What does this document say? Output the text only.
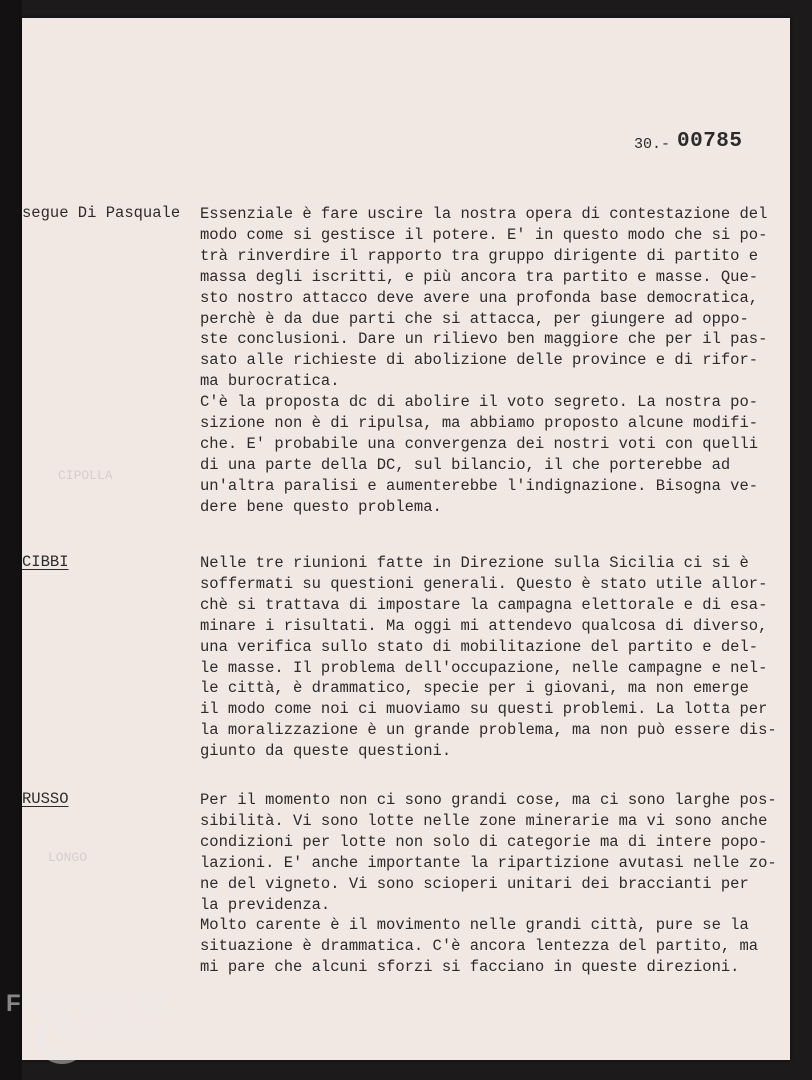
30.- 00785
CIPOLLA
LONGO
segue Di Pasquale Essenziale è fare uscire la nostra opera di contestazione del
modo come si gestisce il potere. E' in questo modo che si po-
trà rinverdire il rapporto tra gruppo dirigente di partito e
massa degli iscritti, e più ancora tra partito e masse. Que-
sto nostro attacco deve avere una profonda base democratica,
perchè è da due parti che si attacca, per giungere ad oppo-
ste conclusioni. Dare un rilievo ben maggiore che per il pas-
sato alle richieste di abolizione delle province e di rifor-
ma burocratica.
C'è la proposta dc di abolire il voto segreto. La nostra po-
sizione non è di ripulsa, ma abbiamo proposto alcune modifi-
che. E' probabile una convergenza dei nostri voti con quelli
di una parte della DC, sul bilancio, il che porterebbe ad
un'altra paralisi e aumenterebbe l'indignazione. Bisogna ve-
dere bene questo problema.
CIBBI	Nelle tre riunioni fatte in Direzione sulla Sicilia ci si è
soffermati su questioni generali. Questo è stato utile allor-
chè si trattava di impostare la campagna elettorale e di esa-
minare i risultati. Ma oggi mi attendevo qualcosa di diverso,
una verifica sullo stato di mobilitazione del partito e del-
le masse. Il problema dell'occupazione, nelle campagne e nel-
le città, è drammatico, specie per i giovani, ma non emerge
il modo come noi ci muoviamo su questi problemi. La lotta per
la moralizzazione è un grande problema, ma non può essere dis-
giunto da queste questioni.
RUSSO	Per il momento non ci sono grandi cose, ma ci sono larghe pos-
sibilità. Vi sono lotte nelle zone minerarie ma vi sono anche
condizioni per lotte non solo di categorie ma di intere popo-
lazioni. E' anche importante la ripartizione avutasi nelle zo-
ne del vigneto. Vi sono scioperi unitari dei braccianti per
la previdenza.
Molto carente è il movimento nelle grandi città, pure se la
situazione è drammatica. C'è ancora lentezza del partito, ma
mi pare che alcuni sforzi si facciano in queste direzioni.
FONDAZIONE
RAMSCI
